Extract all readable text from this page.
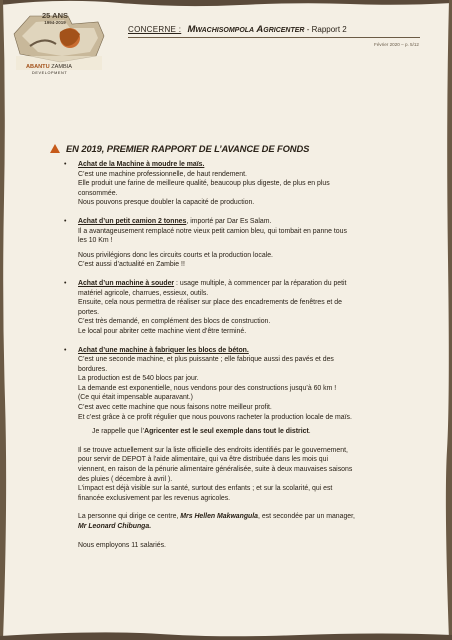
25 ANS
1994-2019
ABANTU ZAMBIA
DEVELOPMENT
CONCERNE : Mwachisompola Agricenter - Rapport 2
Février 2020 – p. 5/12
EN 2019, PREMIER RAPPORT DE L’AVANCE DE FONDS
• Achat de la Machine à moudre le maïs.
C’est une machine professionnelle, de haut rendement.
Elle produit une farine de meilleure qualité, beaucoup plus digeste, de plus en plus
consommée.
Nous pouvons presque doubler la capacité de production.
• Achat d’un petit camion 2 tonnes, importé par Dar Es Salam.
Il a avantageusement remplacé notre vieux petit camion bleu, qui tombait en panne tous
les 10 Km !
Nous privilégions donc les circuits courts et la production locale.
C’est aussi d’actualité en Zambie !!
• Achat d’un machine à souder : usage multiple, à commencer par la réparation du petit
matériel agricole, charrues, essieux, outils.
Ensuite, cela nous permettra de réaliser sur place des encadrements de fenêtres et de
portes.
C’est très demandé, en complément des blocs de construction.
Le local pour abriter cette machine vient d’être terminé.
• Achat d’une machine à fabriquer les blocs de béton.
C’est une seconde machine, et plus puissante ; elle fabrique aussi des pavés et des
bordures.
La production est de 540 blocs par jour.
La demande est exponentielle, nous vendons pour des constructions jusqu’à 60 km !
(Ce qui était impensable auparavant.)
C’est avec cette machine que nous faisons notre meilleur profit.
Et c’est grâce à ce profit régulier que nous pouvons racheter la production locale de maïs.
Je rappelle que l’Agricenter est le seul exemple dans tout le district.
Il se trouve actuellement sur la liste officielle des endroits identifiés par le gouvernement,
pour servir de DEPOT à l’aide alimentaire, qui va être distribuée dans les mois qui
viennent, en raison de la pénurie alimentaire généralisée, suite à deux mauvaises saisons
des pluies ( décembre à avril ).
L’impact est déjà visible sur la santé, surtout des enfants ; et sur la scolarité, qui est
financée exclusivement par les revenus agricoles.
La personne qui dirige ce centre, Mrs Hellen Makwangula, est secondée par un manager,
Mr Leonard Chibunga.
Nous employons 11 salariés.
